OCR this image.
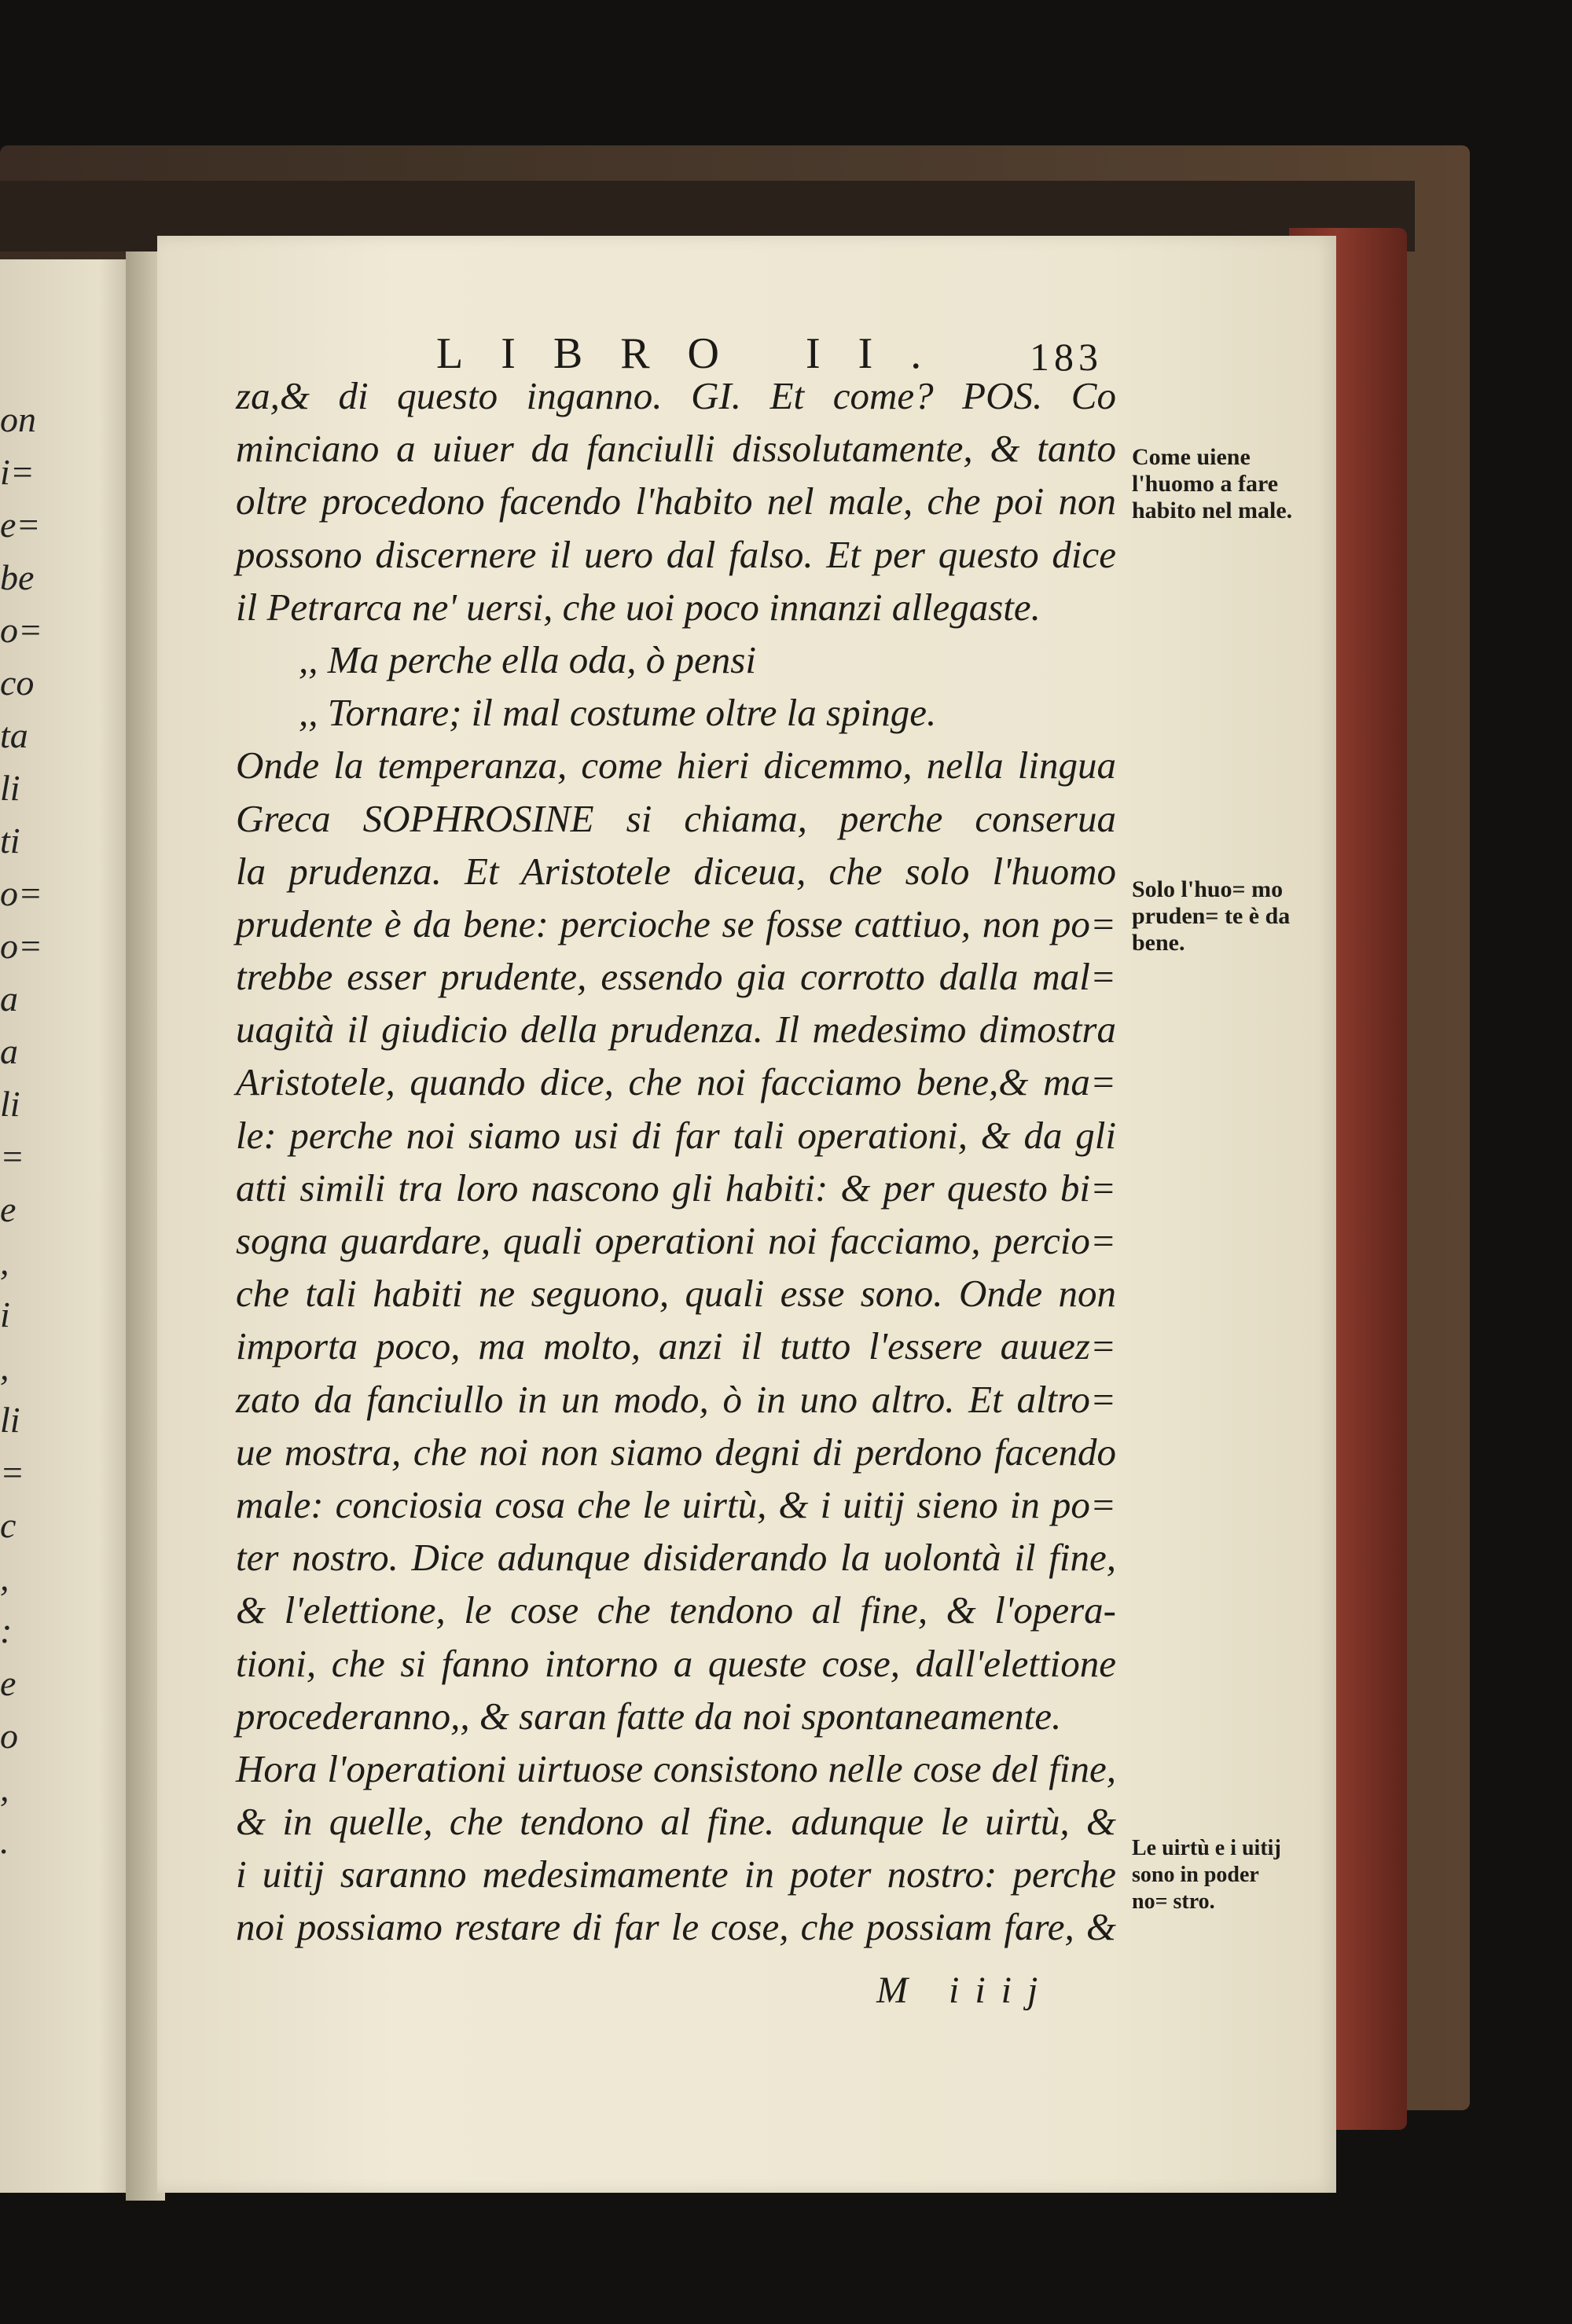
on
i=
e=
be
o=
co
ta
li
ti
o=
o=
a
a
li
=
e
,
i
,
li
=
c
,
:
e
o
,
.
LIBRO II. 183
za,& di questo inganno. GI. Et come? POS. Co
minciano a uiuer da fanciulli dissolutamente, & tanto
oltre procedono facendo l'habito nel male, che poi non
possono discernere il uero dal falso. Et per questo dice
il Petrarca ne' uersi, che uoi poco innanzi allegaste.
,, Ma perche ella oda, ò pensi
,, Tornare; il mal costume oltre la spinge.
Onde la temperanza, come hieri dicemmo, nella lingua
Greca SOPHROSINE si chiama, perche conserua
la prudenza. Et Aristotele diceua, che solo l'huomo
prudente è da bene: percioche se fosse cattiuo, non po=
trebbe esser prudente, essendo gia corrotto dalla mal=
uagità il giudicio della prudenza. Il medesimo dimostra
Aristotele, quando dice, che noi facciamo bene,& ma=
le: perche noi siamo usi di far tali operationi, & da gli
atti simili tra loro nascono gli habiti: & per questo bi=
sogna guardare, quali operationi noi facciamo, percio=
che tali habiti ne seguono, quali esse sono. Onde non
importa poco, ma molto, anzi il tutto l'essere auuez=
zato da fanciullo in un modo, ò in uno altro. Et altro=
ue mostra, che noi non siamo degni di perdono facendo
male: conciosia cosa che le uirtù, & i uitij sieno in po=
ter nostro. Dice adunque disiderando la uolontà il fine,
& l'elettione, le cose che tendono al fine, & l'opera-
tioni, che si fanno intorno a queste cose, dall'elettione
procederanno,, & saran fatte da noi spontaneamente.
Hora l'operationi uirtuose consistono nelle cose del fine,
& in quelle, che tendono al fine. adunque le uirtù, &
i uitij saranno medesimamente in poter nostro: perche
noi possiamo restare di far le cose, che possiam fare, &
Come uiene l'huomo a fare habito nel male.
Solo l'huo= mo pruden= te è da bene.
Le uirtù e i uitij sono in poder no= stro.
M iiij
